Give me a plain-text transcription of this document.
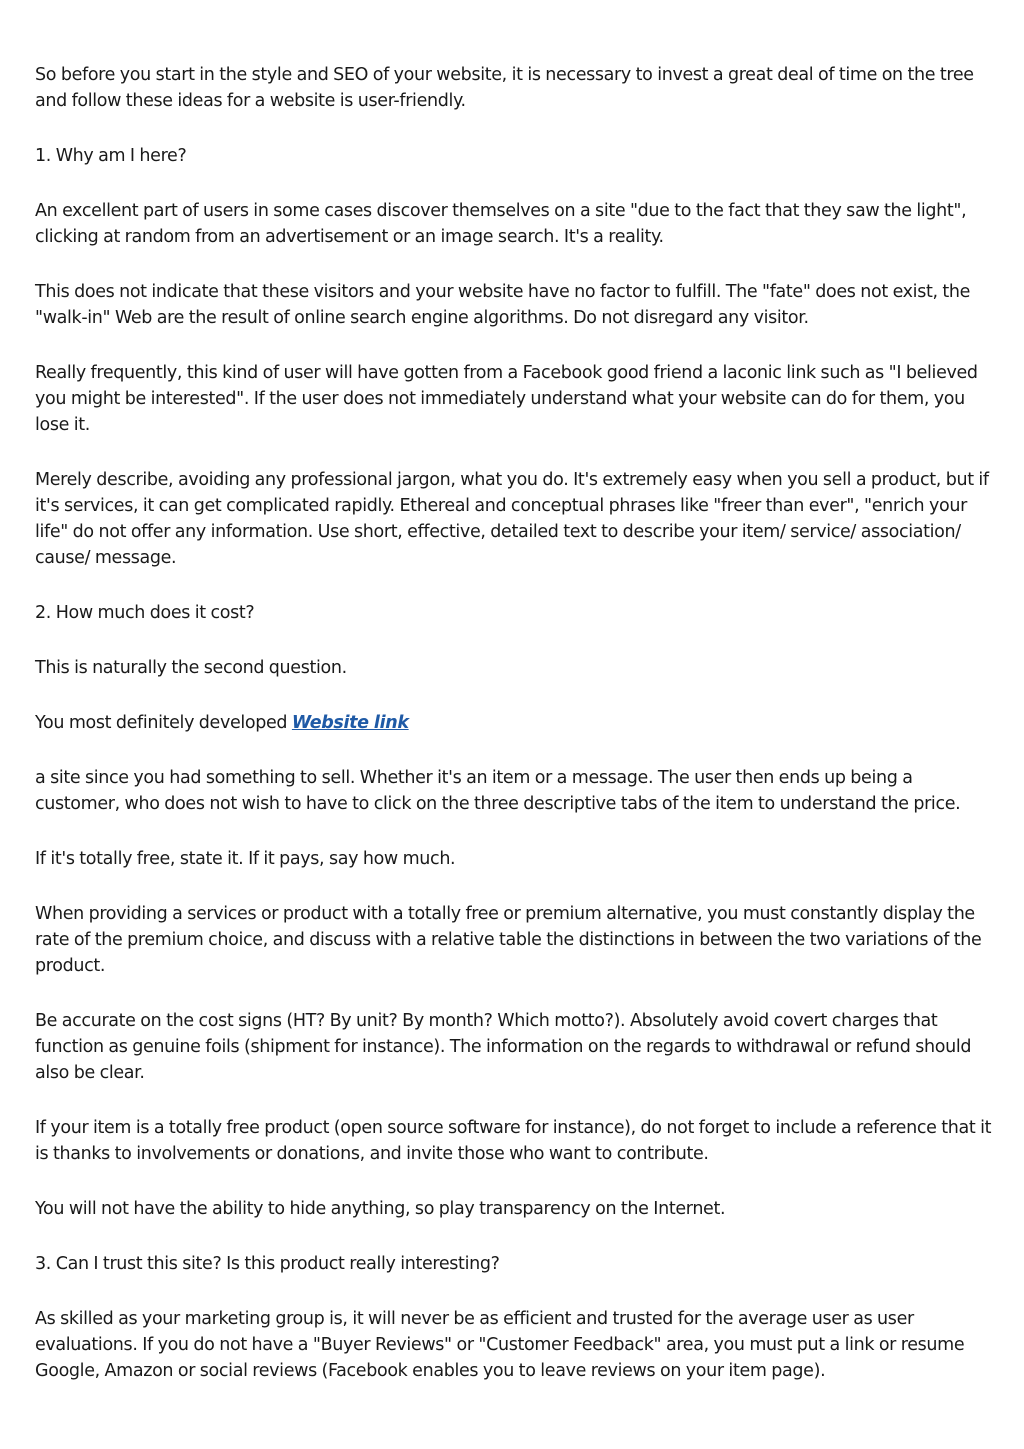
So before you start in the style and SEO of your website, it is necessary to invest a great deal of time on the tree and follow these ideas for a website is user-friendly.

1. Why am I here?

An excellent part of users in some cases discover themselves on a site "due to the fact that they saw the light", clicking at random from an advertisement or an image search. It's a reality.

This does not indicate that these visitors and your website have no factor to fulfill. The "fate" does not exist, the "walk-in" Web are the result of online search engine algorithms. Do not disregard any visitor.

Really frequently, this kind of user will have gotten from a Facebook good friend a laconic link such as "I believed you might be interested". If the user does not immediately understand what your website can do for them, you lose it.

Merely describe, avoiding any professional jargon, what you do. It's extremely easy when you sell a product, but if it's services, it can get complicated rapidly. Ethereal and conceptual phrases like "freer than ever", "enrich your life" do not offer any information. Use short, effective, detailed text to describe your item/ service/ association/ cause/ message.

2. How much does it cost?

This is naturally the second question.

You most definitely developed Website link

a site since you had something to sell. Whether it's an item or a message. The user then ends up being a customer, who does not wish to have to click on the three descriptive tabs of the item to understand the price.

If it's totally free, state it. If it pays, say how much.

When providing a services or product with a totally free or premium alternative, you must constantly display the rate of the premium choice, and discuss with a relative table the distinctions in between the two variations of the product.

Be accurate on the cost signs (HT? By unit? By month? Which motto?). Absolutely avoid covert charges that function as genuine foils (shipment for instance). The information on the regards to withdrawal or refund should also be clear.

If your item is a totally free product (open source software for instance), do not forget to include a reference that it is thanks to involvements or donations, and invite those who want to contribute.

You will not have the ability to hide anything, so play transparency on the Internet.

3. Can I trust this site? Is this product really interesting?

As skilled as your marketing group is, it will never be as efficient and trusted for the average user as user evaluations. If you do not have a "Buyer Reviews" or "Customer Feedback" area, you must put a link or resume Google, Amazon or social reviews (Facebook enables you to leave reviews on your item page).
